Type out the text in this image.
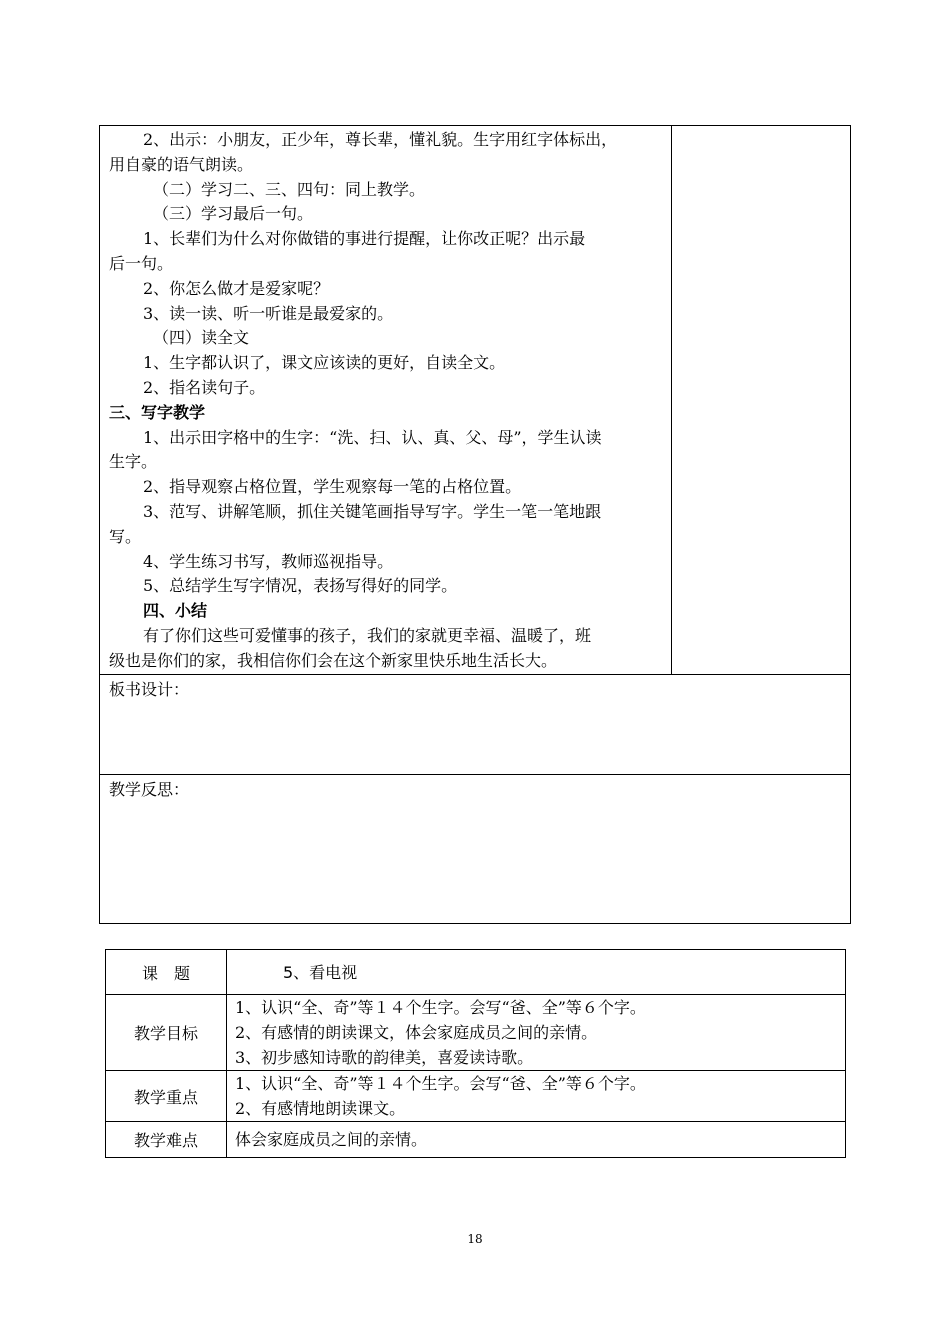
2、出示：小朋友，正少年，尊长辈，懂礼貌。生字用红字体标出，
用自豪的语气朗读。
（二）学习二、三、四句：同上教学。
（三）学习最后一句。
1、长辈们为什么对你做错的事进行提醒，让你改正呢？出示最
后一句。
2、你怎么做才是爱家呢？
3、读一读、听一听谁是最爱家的。
（四）读全文
1、生字都认识了，课文应该读的更好，自读全文。
2、指名读句子。
三、写字教学
1、出示田字格中的生字：“洗、扫、认、真、父、母”，学生认读
生字。
2、指导观察占格位置，学生观察每一笔的占格位置。
3、范写、讲解笔顺，抓住关键笔画指导写字。学生一笔一笔地跟
写。
4、学生练习书写，教师巡视指导。
5、总结学生写字情况，表扬写得好的同学。
四、小结
有了你们这些可爱懂事的孩子，我们的家就更幸福、温暖了，班
级也是你们的家，我相信你们会在这个新家里快乐地生活长大。
板书设计：
教学反思：
课　题	5、看电视
教学目标	1、认识“全、奇”等１４个生字。会写“爸、全”等６个字。
2、有感情的朗读课文，体会家庭成员之间的亲情。
3、初步感知诗歌的韵律美，喜爱读诗歌。

教学重点	1、认识“全、奇”等１４个生字。会写“爸、全”等６个字。
2、有感情地朗读课文。

教学难点	体会家庭成员之间的亲情。
18
